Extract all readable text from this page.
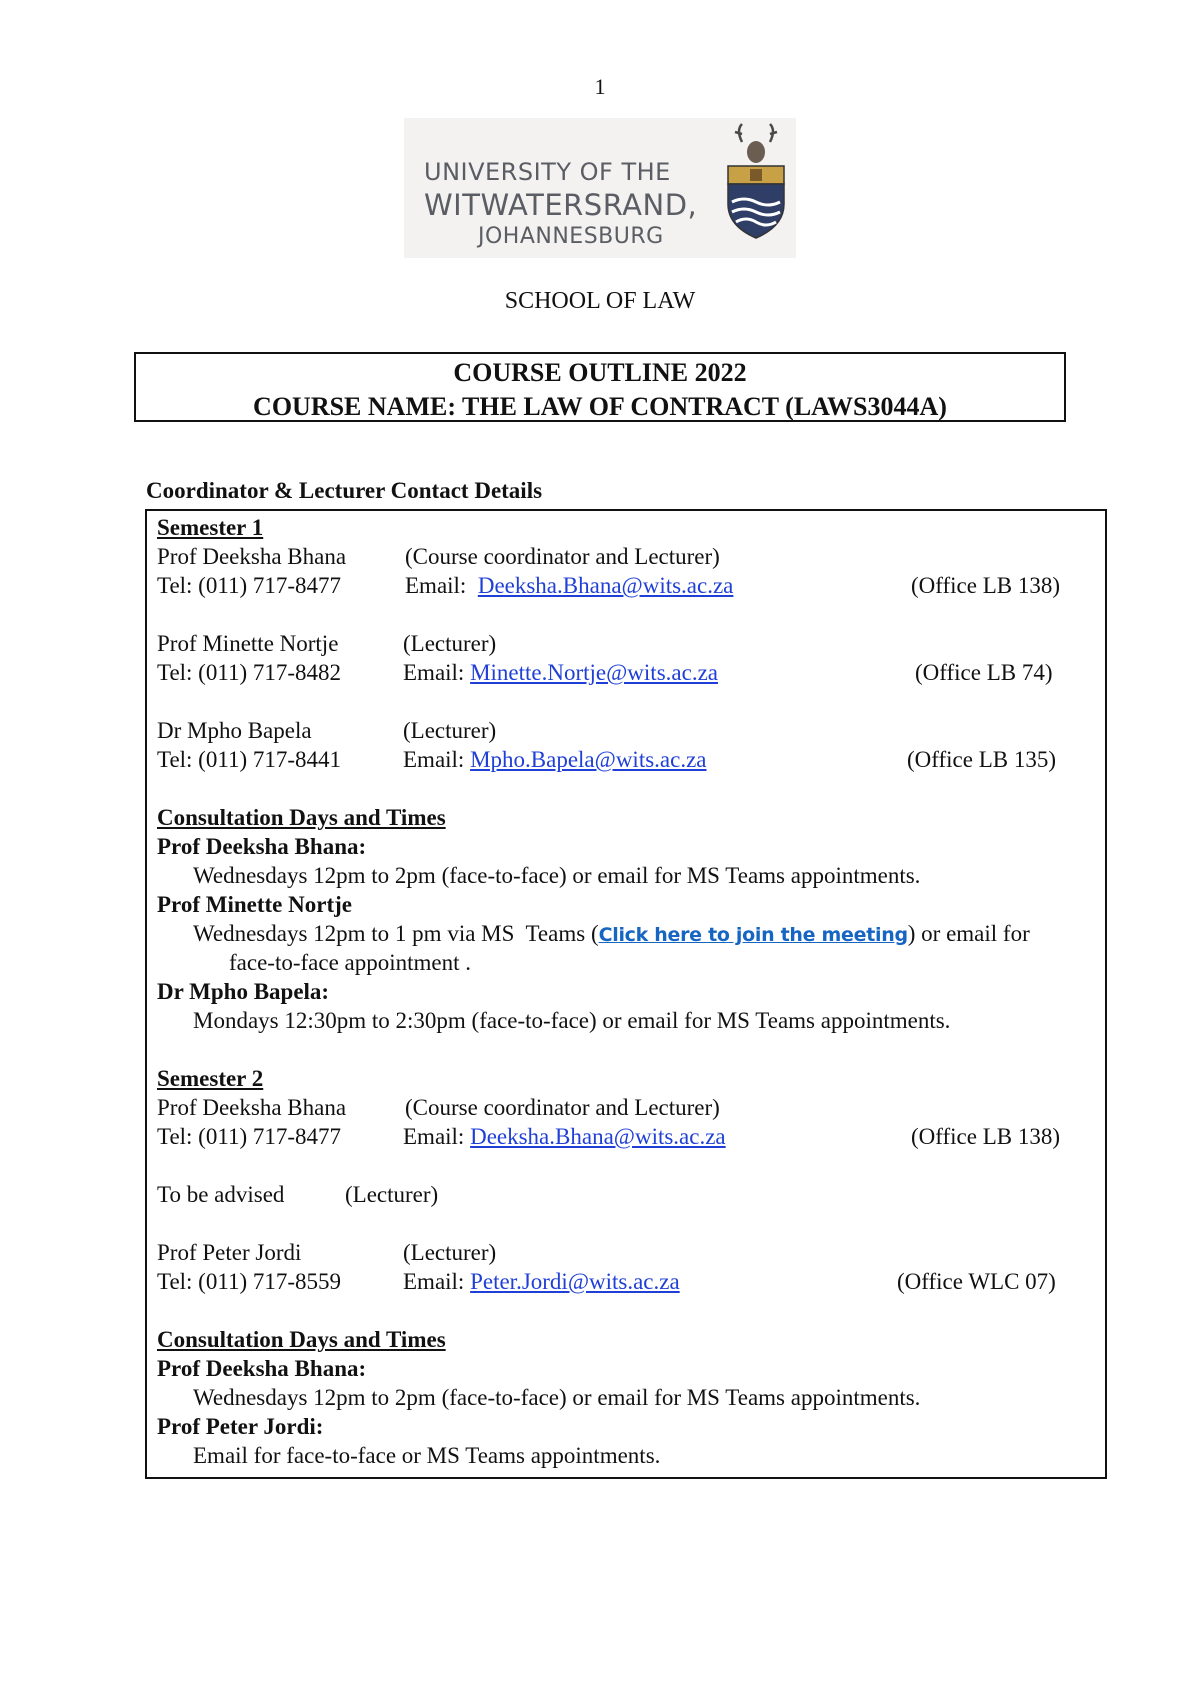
1
UNIVERSITY OF THE
WITWATERSRAND,
JOHANNESBURG
SCHOOL OF LAW
COURSE OUTLINE 2022
COURSE NAME: THE LAW OF CONTRACT (LAWS3044A)
Coordinator & Lecturer Contact Details
Semester 1
Prof Deeksha Bhana	(Course coordinator and Lecturer)
Tel: (011) 717-8477	Email:  Deeksha.Bhana@wits.ac.za	(Office LB 138)
Prof Minette Nortje	(Lecturer)
Tel: (011) 717-8482	Email: Minette.Nortje@wits.ac.za	(Office LB 74)
Dr Mpho Bapela	(Lecturer)
Tel: (011) 717-8441	Email: Mpho.Bapela@wits.ac.za	(Office LB 135)
Consultation Days and Times
Prof Deeksha Bhana:
Wednesdays 12pm to 2pm (face-to-face) or email for MS Teams appointments.
Prof Minette Nortje
Wednesdays 12pm to 1 pm via MS  Teams (Click here to join the meeting) or email for
face-to-face appointment .
Dr Mpho Bapela:
Mondays 12:30pm to 2:30pm (face-to-face) or email for MS Teams appointments.
Semester 2
Prof Deeksha Bhana	(Course coordinator and Lecturer)
Tel: (011) 717-8477	Email: Deeksha.Bhana@wits.ac.za	(Office LB 138)
To be advised	(Lecturer)
Prof Peter Jordi	(Lecturer)
Tel: (011) 717-8559	Email: Peter.Jordi@wits.ac.za	(Office WLC 07)
Consultation Days and Times
Prof Deeksha Bhana:
Wednesdays 12pm to 2pm (face-to-face) or email for MS Teams appointments.
Prof Peter Jordi:
Email for face-to-face or MS Teams appointments.
